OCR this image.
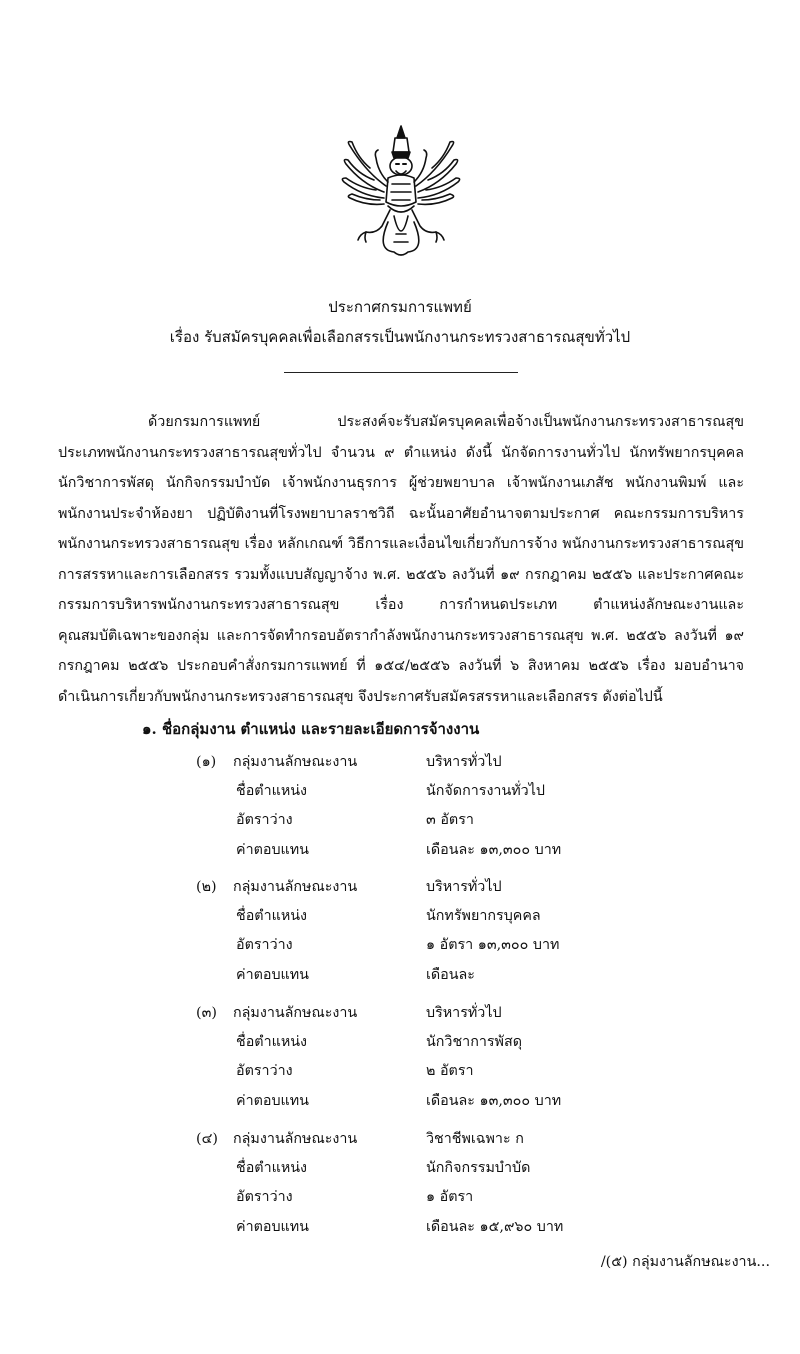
ประกาศกรมการแพทย์
เรื่อง รับสมัครบุคคลเพื่อเลือกสรรเป็นพนักงานกระทรวงสาธารณสุขทั่วไป
ด้วยกรมการแพทย์ ประสงค์จะรับสมัครบุคคลเพื่อจ้างเป็นพนักงานกระทรวงสาธารณสุข
ประเภทพนักงานกระทรวงสาธารณสุขทั่วไป จำนวน ๙ ตำแหน่ง ดังนี้ นักจัดการงานทั่วไป นักทรัพยากรบุคคล
นักวิชาการพัสดุ นักกิจกรรมบำบัด เจ้าพนักงานธุรการ ผู้ช่วยพยาบาล เจ้าพนักงานเภสัช พนักงานพิมพ์ และ
พนักงานประจำห้องยา ปฏิบัติงานที่โรงพยาบาลราชวิถี ฉะนั้นอาศัยอำนาจตามประกาศ คณะกรรมการบริหาร
พนักงานกระทรวงสาธารณสุข เรื่อง หลักเกณฑ์ วิธีการและเงื่อนไขเกี่ยวกับการจ้าง พนักงานกระทรวงสาธารณสุข
การสรรหาและการเลือกสรร รวมทั้งแบบสัญญาจ้าง พ.ศ. ๒๕๕๖ ลงวันที่ ๑๙ กรกฎาคม ๒๕๕๖ และประกาศคณะ
กรรมการบริหารพนักงานกระทรวงสาธารณสุข เรื่อง การกำหนดประเภท ตำแหน่งลักษณะงานและ
คุณสมบัติเฉพาะของกลุ่ม และการจัดทำกรอบอัตรากำลังพนักงานกระทรวงสาธารณสุข พ.ศ. ๒๕๕๖ ลงวันที่ ๑๙
กรกฎาคม ๒๕๕๖ ประกอบคำสั่งกรมการแพทย์ ที่ ๑๕๔/๒๕๕๖ ลงวันที่ ๖ สิงหาคม ๒๕๕๖ เรื่อง มอบอำนาจ
ดำเนินการเกี่ยวกับพนักงานกระทรวงสาธารณสุข จึงประกาศรับสมัครสรรหาและเลือกสรร ดังต่อไปนี้
๑. ชื่อกลุ่มงาน ตำแหน่ง และรายละเอียดการจ้างงาน
(๑) กลุ่มงานลักษณะงาน	บริหารทั่วไป
ชื่อตำแหน่ง	นักจัดการงานทั่วไป
อัตราว่าง	๓ อัตรา
ค่าตอบแทน	เดือนละ ๑๓,๓๐๐ บาท
(๒) กลุ่มงานลักษณะงาน	บริหารทั่วไป
ชื่อตำแหน่ง	นักทรัพยากรบุคคล
อัตราว่าง	๑ อัตรา ๑๓,๓๐๐ บาท
ค่าตอบแทน	เดือนละ
(๓) กลุ่มงานลักษณะงาน	บริหารทั่วไป
ชื่อตำแหน่ง	นักวิชาการพัสดุ
อัตราว่าง	๒ อัตรา
ค่าตอบแทน	เดือนละ ๑๓,๓๐๐ บาท
(๔) กลุ่มงานลักษณะงาน	วิชาชีพเฉพาะ ก
ชื่อตำแหน่ง	นักกิจกรรมบำบัด
อัตราว่าง	๑ อัตรา
ค่าตอบแทน	เดือนละ ๑๕,๙๖๐ บาท
/(๕) กลุ่มงานลักษณะงาน...
